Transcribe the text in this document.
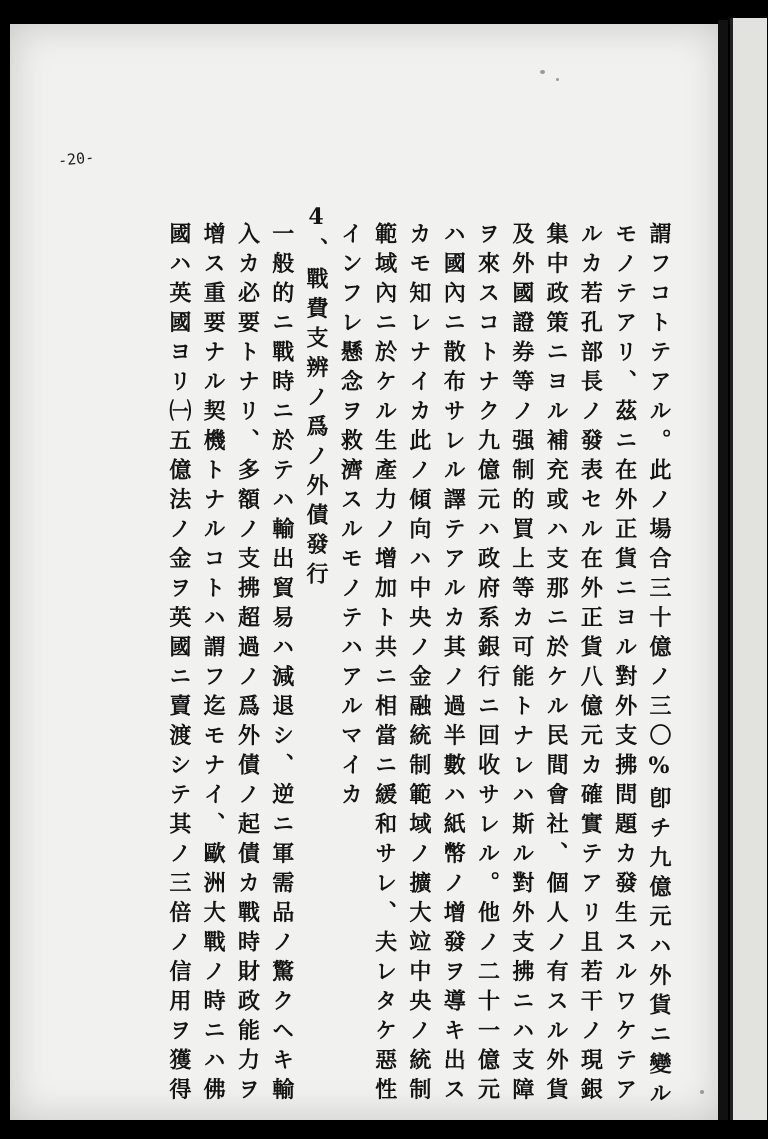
-20-
謂フコトテアル。此ノ場合三十億ノ三〇%卽チ九億元ハ外貨ニ變ル
モノテアリ、茲ニ在外正貨ニヨル對外支拂問題カ發生スルワケテア
ルカ若孔部長ノ發表セル在外正貨八億元カ確實テアリ且若干ノ現銀
集中政策ニヨル補充或ハ支那ニ於ケル民間會社、個人ノ有スル外貨
及外國證券等ノ强制的買上等カ可能トナレハ斯ル對外支拂ニハ支障
ヲ來スコトナク九億元ハ政府系銀行ニ回收サレル。他ノ二十一億元
ハ國內ニ散布サレル譯テアルカ其ノ過半數ハ紙幣ノ增發ヲ導キ出ス
カモ知レナイカ此ノ傾向ハ中央ノ金融統制範域ノ擴大竝中央ノ統制
範域內ニ於ケル生產力ノ增加ト共ニ相當ニ緩和サレ、夫レタケ惡性
インフレ懸念ヲ救濟スルモノテハアルマイカ
4、戰費支辨ノ爲ノ外債發行
一般的ニ戰時ニ於テハ輸出貿易ハ減退シ、逆ニ軍需品ノ驚クヘキ輸
入カ必要トナリ、多額ノ支拂超過ノ爲外債ノ起債カ戰時財政能力ヲ
增ス重要ナル契機トナルコトハ謂フ迄モナイ、歐洲大戰ノ時ニハ佛
國ハ英國ヨリ㈠五億法ノ金ヲ英國ニ賣渡シテ其ノ三倍ノ信用ヲ獲得
